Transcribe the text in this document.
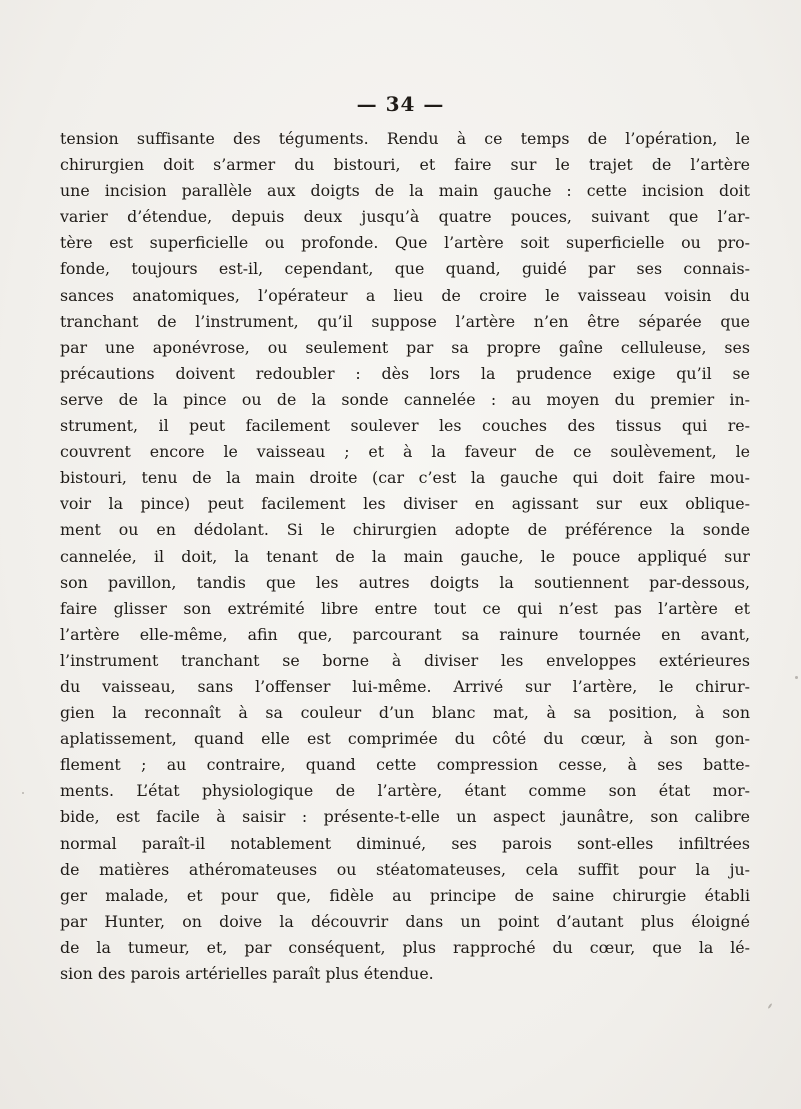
— 34 —
tension suffisante des téguments. Rendu à ce temps de l’opération, le
chirurgien doit s’armer du bistouri, et faire sur le trajet de l’artère
une incision parallèle aux doigts de la main gauche : cette incision doit
varier d’étendue, depuis deux jusqu’à quatre pouces, suivant que l’ar-
tère est superficielle ou profonde. Que l’artère soit superficielle ou pro-
fonde, toujours est-il, cependant, que quand, guidé par ses connais-
sances anatomiques, l’opérateur a lieu de croire le vaisseau voisin du
tranchant de l’instrument, qu’il suppose l’artère n’en être séparée que
par une aponévrose, ou seulement par sa propre gaîne celluleuse, ses
précautions doivent redoubler : dès lors la prudence exige qu’il se
serve de la pince ou de la sonde cannelée : au moyen du premier in-
strument, il peut facilement soulever les couches des tissus qui re-
couvrent encore le vaisseau ; et à la faveur de ce soulèvement, le
bistouri, tenu de la main droite (car c’est la gauche qui doit faire mou-
voir la pince) peut facilement les diviser en agissant sur eux oblique-
ment ou en dédolant. Si le chirurgien adopte de préférence la sonde
cannelée, il doit, la tenant de la main gauche, le pouce appliqué sur
son pavillon, tandis que les autres doigts la soutiennent par-dessous,
faire glisser son extrémité libre entre tout ce qui n’est pas l’artère et
l’artère elle-même, afin que, parcourant sa rainure tournée en avant,
l’instrument tranchant se borne à diviser les enveloppes extérieures
du vaisseau, sans l’offenser lui-même. Arrivé sur l’artère, le chirur-
gien la reconnaît à sa couleur d’un blanc mat, à sa position, à son
aplatissement, quand elle est comprimée du côté du cœur, à son gon-
flement ; au contraire, quand cette compression cesse, à ses batte-
ments. L’état physiologique de l’artère, étant comme son état mor-
bide, est facile à saisir : présente-t-elle un aspect jaunâtre, son calibre
normal paraît-il notablement diminué, ses parois sont-elles infiltrées
de matières athéromateuses ou stéatomateuses, cela suffit pour la ju-
ger malade, et pour que, fidèle au principe de saine chirurgie établi
par Hunter, on doive la découvrir dans un point d’autant plus éloigné
de la tumeur, et, par conséquent, plus rapproché du cœur, que la lé-
sion des parois artérielles paraît plus étendue.
